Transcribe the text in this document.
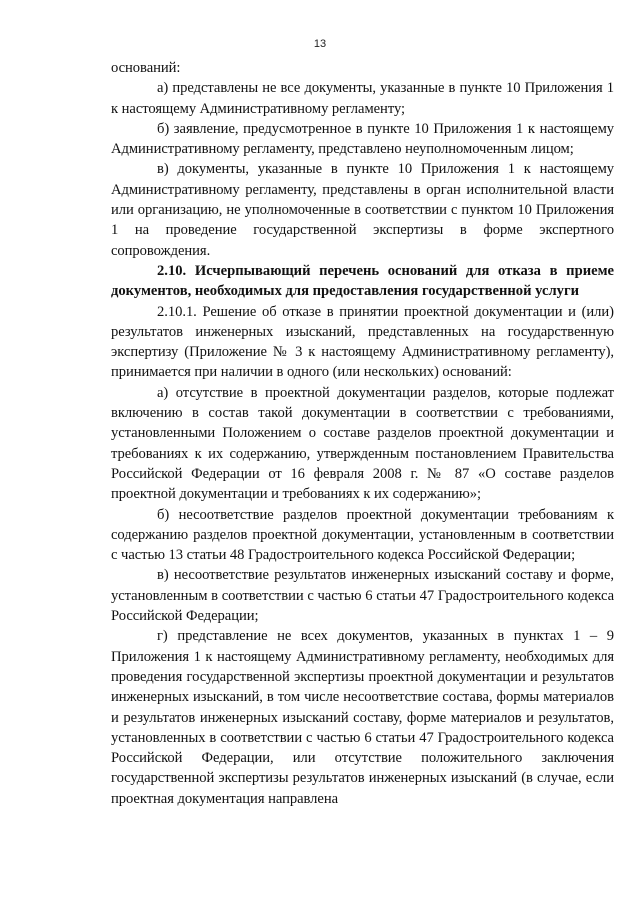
13

оснований:

а) представлены не все документы, указанные в пункте 10 Приложения 1 к настоящему Административному регламенту;

б) заявление, предусмотренное в пункте 10 Приложения 1 к настоящему Административному регламенту, представлено неуполномоченным лицом;

в) документы, указанные в пункте 10 Приложения 1 к настоящему Административному регламенту, представлены в орган исполнительной власти или организацию, не уполномоченные в соответствии с пунктом 10 Приложения 1 на проведение государственной экспертизы в форме экспертного сопровождения.

2.10. Исчерпывающий перечень оснований для отказа в приеме документов, необходимых для предоставления государственной услуги

2.10.1. Решение об отказе в принятии проектной документации и (или) результатов инженерных изысканий, представленных на государственную экспертизу (Приложение № 3 к настоящему Административному регламенту), принимается при наличии в одного (или нескольких) оснований:

а) отсутствие в проектной документации разделов, которые подлежат включению в состав такой документации в соответствии с требованиями, установленными Положением о составе разделов проектной документации и требованиях к их содержанию, утвержденным постановлением Правительства Российской Федерации от 16 февраля 2008 г. № 87 «О составе разделов проектной документации и требованиях к их содержанию»;

б) несоответствие разделов проектной документации требованиям к содержанию разделов проектной документации, установленным в соответствии с частью 13 статьи 48 Градостроительного кодекса Российской Федерации;

в) несоответствие результатов инженерных изысканий составу и форме, установленным в соответствии с частью 6 статьи 47 Градостроительного кодекса Российской Федерации;

г) представление не всех документов, указанных в пунктах 1 – 9 Приложения 1 к настоящему Административному регламенту, необходимых для проведения государственной экспертизы проектной документации и результатов инженерных изысканий, в том числе несоответствие состава, формы материалов и результатов инженерных изысканий составу, форме материалов и результатов, установленных в соответствии с частью 6 статьи 47 Градостроительного кодекса Российской Федерации, или отсутствие положительного заключения государственной экспертизы результатов инженерных изысканий (в случае, если проектная документация направлена
